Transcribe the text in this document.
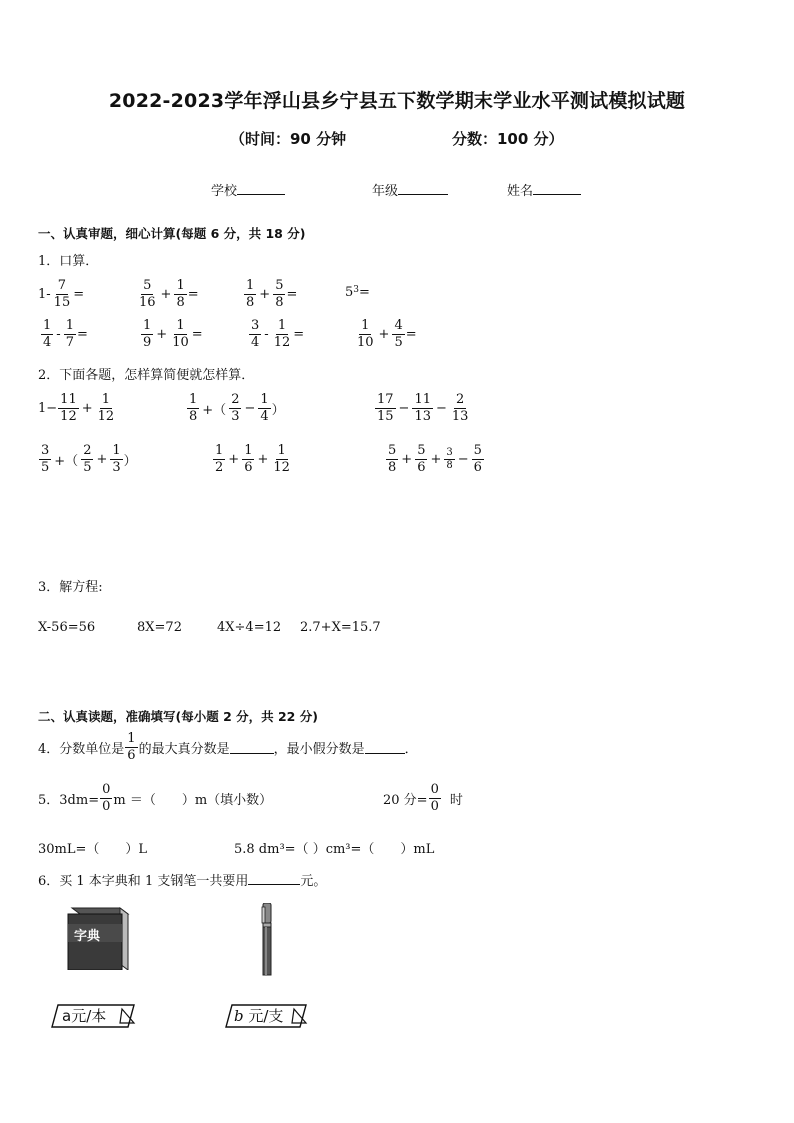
2022-2023学年浮山县乡宁县五下数学期末学业水平测试模拟试题
（时间：90 分钟	分数：100 分）
学校	年级	姓名
一、认真审题，细心计算(每题 6 分，共 18 分)
1．口算．
$1- \frac{7}{15}$ =	$\frac{5}{16} + \frac{1}{8}$ =	$\frac{1}{8} + \frac{5}{8}$ =	5 3 =
$\frac{1}{4} - \frac{1}{7}$ =	$\frac{1}{9} + \frac{1}{10}$ =	$\frac{3}{4} - \frac{1}{12}$ =	$\frac{1}{10} + \frac{4}{5}$ =
2．下面各题，怎样算简便就怎样算．
$1- \frac{11}{12} + \frac{1}{12}$	$\frac{1}{8}$ +（ $\frac{2}{3} - \frac{1}{4}$ ）	$\frac{17}{15} - \frac{11}{13} - \frac{2}{13}$
$\frac{3}{5}$ +（ $\frac{2}{5} + \frac{1}{3}$ ）	$\frac{1}{2} + \frac{1}{6} + \frac{1}{12}$	$\frac{5}{8} + \frac{5}{6} + \frac{3}{8} - \frac{5}{6}$
3．解方程:
X-56=56	8X=72	4X÷4=12 2.7+X=15.7
二、认真读题，准确填写(每小题 2 分，共 22 分)
4．分数单位是 $\frac{1}{6}$ 的最大真分数是	，最小假分数是	．
5．$3dm= \frac{0}{0}$ m ＝（　　）m（填小数）	20 分= $\frac{0}{0}$ 时
30mL=（　　）L	5.8 dm³=（ ）cm³=（　　）mL
6．买 1 本字典和 1 支钢笔一共要用	元。
字典
a元/本	b 元/支
